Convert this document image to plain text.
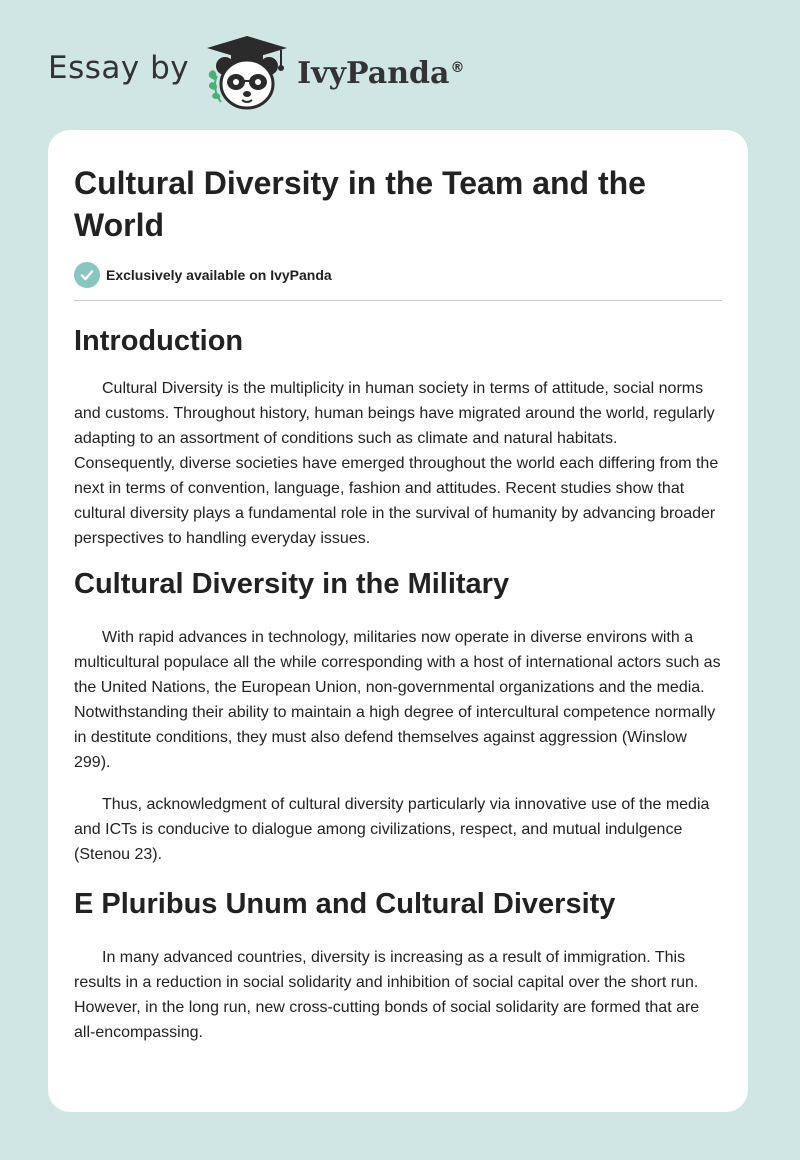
Essay by	IvyPanda®
Cultural Diversity in the Team and the World
Exclusively available on IvyPanda
Introduction

Cultural Diversity is the multiplicity in human society in terms of attitude, social norms and customs. Throughout history, human beings have migrated around the world, regularly adapting to an assortment of conditions such as climate and natural habitats. Consequently, diverse societies have emerged throughout the world each differing from the next in terms of convention, language, fashion and attitudes. Recent studies show that cultural diversity plays a fundamental role in the survival of humanity by advancing broader perspectives to handling everyday issues.

Cultural Diversity in the Military

With rapid advances in technology, militaries now operate in diverse environs with a multicultural populace all the while corresponding with a host of international actors such as the United Nations, the European Union, non-governmental organizations and the media. Notwithstanding their ability to maintain a high degree of intercultural competence normally in destitute conditions, they must also defend themselves against aggression (Winslow 299).

Thus, acknowledgment of cultural diversity particularly via innovative use of the media and ICTs is conducive to dialogue among civilizations, respect, and mutual indulgence (Stenou 23).

E Pluribus Unum and Cultural Diversity

In many advanced countries, diversity is increasing as a result of immigration. This results in a reduction in social solidarity and inhibition of social capital over the short run. However, in the long run, new cross-cutting bonds of social solidarity are formed that are all-encompassing.
